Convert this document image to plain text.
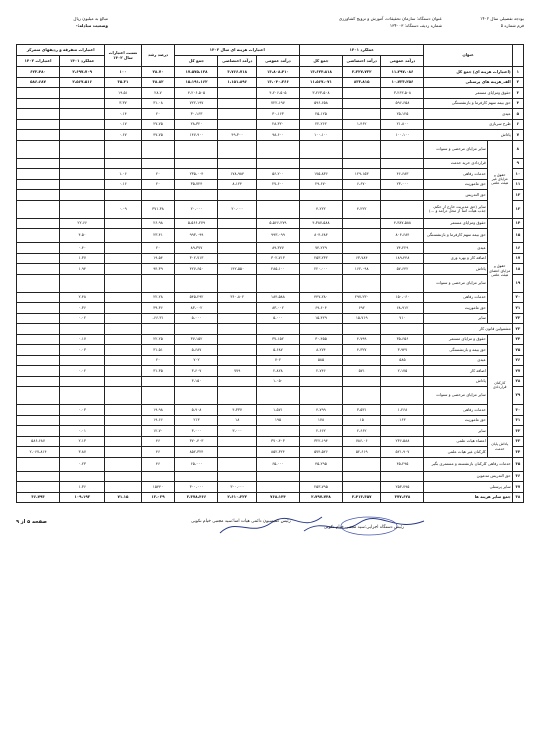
بودجه تفصیلی سال ۱۴۰۲
فرم شماره ۵
عنوان دستگاه: سازمان تحقیقات، آموزش و ترویج کشاورزی
شماره ردیف دستگاه: ۱۳۴۰۰۳
مبالغ به میلیون ریال
وضعیت مبادله:-
	عنوان		عملکرد ۱۴۰۱			اعتبارات هزینه ای سال ۱۴۰۲			درصد رشد	نسبت اعتبارات سال ۱۴۰۲	اعتبارات متفرقه و ردیفهای متمرکز	
			درآمد عمومی	درآمد اختصاصی	جمع کل	درآمد عمومی	درآمد اختصاصی	جمع کل			عملکرد ۱۴۰۱	اعتبارات ۱۴۰۲
۱	(اعتبارات هزینه ای) جمع کل		۱۱،۲۹۷،۰۸۶	۲،۳۲۷،۷۳۲	۱۳،۶۲۴،۸۱۸	۱۳،۸۰۸،۴۱۰	۳،۷۶۶،۷۱۸	۱۷،۵۷۵،۱۲۸	۲۸.۷۰	۱۰۰	۲،۶۹۷،۷۰۹	۶۲۲،۴۸۰
۲	الف_هزینه های پرسنلی		۱۰،۷۳۳،۲۵۶	۸۳۳،۸۱۵	۱۱،۵۶۷،۰۷۱	۱۳،۰۴۰،۲۶۶	۱،۱۵۱،۸۹۶	۱۵،۱۹۱،۱۶۲	۳۸.۸۲	۳۵.۳۱	۲،۵۶۷،۵۱۶	۵۸۶،۶۸۷
۳	حقوق ومزایای مستمر		۳،۲۶۳،۵۰۸		۳،۲۶۳،۵۰۸	۴،۲۰۶،۵۰۵		۴،۲۰۶،۵۰۵	۲۸.۷	۱۹.۵۱		
۴	حق بیمه سهم کارفرما و بازنشستگی		۵۹۶،۶۵۸		۵۹۶،۶۵۸	۷۲۲،۱۹۷		۷۲۲،۱۹۷	۳۱.۰۸	۳.۳۷		
۵	عیدی		۲۵،۱۲۵		۲۵،۱۲۵	۳۰،۱۶۳		۳۰،۱۶۳	۲۰	۰.۱۴		
۶	طرح سربازی		۲۱،۸۰۰	۱،۴۶۲	۲۲،۲۶۲	۲۸،۳۲۰		۲۸،۳۲۰	۲۷.۷۵	۰.۱۷		
۷	پاداش		۱۰۰،۱۰۰		۱۰۰،۱۰۰	۹۸،۶۰۰	۴۹،۳۰۰	۱۴۷،۹۰۰	۴۷.۷۵	۰.۶۷		
۸	حقوق و مزایای غیر هیئت علمی	سایر مزایای مرخصی و سنوات										
۹		قراردادی خرید خدمت										
۱۰		خدمات رفاهی	۴۶،۶۸۳	۱۲۹،۱۵۳	۱۷۵،۸۳۶	۵۶،۲۰۰	۱۷۸،۹۸۴	۲۳۵،۰۰۴	۲۰	۱.۰۶		
۱۱		حق ماموریت	۲۳،۰۰۰	۶،۶۷۰	۲۹،۶۷۰	۲۷،۶۰۰	۸،۱۲۴	۳۵،۷۲۴	۲۰	۰.۱۶		
۱۲		حق التدریس										
۱۳		سایر (حق مدیریت خارج از حکم، جذب هیات امنا از محل درآمد و ...)		۴،۲۲۲	۴،۲۲۲		۲۰،۰۰۰	۲۰،۰۰۰	۳۷۱.۳۸	۰.۰۹		
۱۴	حقوق و مزایای اعضای هیئت علمی	حقوق ومزایای مستمر	۴،۳۸۷،۵۸۸		۴،۳۸۷،۵۸۸	۵،۵۶۶،۲۷۹		۵،۵۶۶،۲۷۹	۲۶.۹۸		۲۲.۶۶	
۱۵		حق بیمه سهم کارفرما و بازنشستگی	۸۰۴،۶۸۴		۸۰۴،۶۸۴	۹۹۳،۰۹۹		۹۹۳،۰۹۹	۲۳.۴۱		۴.۵۰	
۱۶		عیدی	۷۴،۲۲۹		۷۴،۲۲۹	۸۹،۳۷۷		۸۹،۳۷۷	۲۰		۰.۴۰	
۱۷		اضافه کار و بهره وری	۱۸۹،۴۴۸	۶۳،۷۸۴	۲۵۳،۲۳۲	۳۰۲،۷۱۳		۳۰۲،۷۱۳	۱۹.۵۴		۱.۳۷	
۱۸		پاداش	۵۷،۶۴۲	۱۶۲،۰۹۸	۲۲۰،۰۰۰	۲۸۵،۱۰۰	۱۴۲،۵۵۰	۴۲۷،۶۵۰	۹۴.۳۹		۱.۹۴	
۱۹		سایر مزایای مرخصی و سنوات										
۲۰		خدمات رفاهی	۱۵۰،۰۶۰	۲۹۷،۲۳۰	۴۴۷،۲۸۰	۱۸۴،۵۸۸	۳۶۰،۸۰۲	۵۴۵،۲۹۲	۲۲.۲۸		۲.۴۸	
۲۱		حق ماموریت	۶۸،۹۱۲	۶۹۲	۶۹،۶۰۴	۸۳،۰۰۲		۸۳،۰۰۲	۳۹.۳۶		۰.۳۶	
۲۲		سایر	۷۱۰	۱۵،۷۱۹	۱۵،۴۲۹	۵،۰۰۰		۵،۰۰۰	۶۶.۳۱-		۰.۰۲	
۲۳	مشمولین قانون کار											
۲۴	کارکنان قراردادی	حقوق و مزایای مستمر	۳۵،۶۵۶	۴،۷۹۹	۳۰،۴۵۵	۳۷،۱۵۲		۳۷،۱۵۲	۲۲.۲۵		۰.۱۷	
۲۵		حق بیمه و بازنشستگی	۳،۹۴۷	۴،۳۲۷	۸،۲۷۴	۵،۶۸۷		۵،۶۸۷	۳۱.۵۱		۰.۰۳	
۲۶		عیدی	۵۸۵		۵۸۵	۷۰۲		۷۰۲	۲۰			
۲۷		اضافه کار	۲،۱۷۵	۵۷۱	۲،۷۴۶	۲،۸۲۸	۷۷۹	۳،۶۰۷	۳۱.۳۵		۰.۰۲	
۲۸		پاداش				۱،۰۵۰		۳،۱۵۰				
۲۹		سایر مزایای مرخصی و سنوات										
۳۰		خدمات رفاهی	۱،۲۶۸	۳،۵۳۱	۴،۷۹۹	۱،۵۷۱	۴،۳۳۷	۵،۹۰۸	۱۹.۹۸		۰.۰۳	
۳۱		حق ماموریت	۱۶۳	۱۵	۱۷۸	۱۹۵	۱۸	۲۱۳	۱۹.۶۶			
۳۲		سایر		۲،۶۶۲	۲،۶۶۲		۳،۰۰۰	۳،۰۰۰	۱۲.۷۰		۰.۰۱	
۳۳	پاداش پایان خدمت	اعضاء هیات علمی	۲۳۶،۵۸۸	۷۸۶،۰۶	۳۲۲،۱۹۴	۳۷۰،۴۰۳		۳۷۰،۴۰۳	۴۶		۲.۱۳	۵۸۶،۶۸۷
۳۴		کارکنان غیر هیات علمی	۵۲۱،۹۰۷	۵۲،۶۱۹	۵۷۴،۵۲۶	۸۵۲،۳۲۴		۸۵۲،۳۲۴	۴۶		۳.۸۷	۲،۰۶۷،۸۱۴
۳۵	خدمات رفاهی کارکنان بازنشسته و مستمری بگیر		۴۵،۲۹۵		۴۵،۲۹۵	۶۵،۰۰۰		۶۵،۰۰۰	۴۶		۰.۲۳	
۳۶	حق التدریس مدعوین											
۳۷	سایر پرسنلی		۲۵۳،۷۹۵		۲۵۳،۷۹۵		۳۰۰،۰۰۰	۳۰۰،۰۰۰	۱۵۴۴۰		۱.۳۶	
۳۸	جمع سایر هزینه ها		۳۷۷،۶۲۸	۲،۴۱۳،۳۵۷	۲،۷۹۷،۷۴۸	۷۶۸،۱۴۴	۲،۶۱۰،۲۲۲	۳،۳۷۸،۴۶۶	۱۳،۰۳۹	۷۱.۱۵	۱۰۹،۱۹۳	۳۶،۷۹۳
رئیس دستگاه اجرایی:سید مجتبی خیام نکویی
رئیس کمیسیون دائمی هیات امنا:سید مجتبی خیام نکویی
صفحه ۵ از ۹
